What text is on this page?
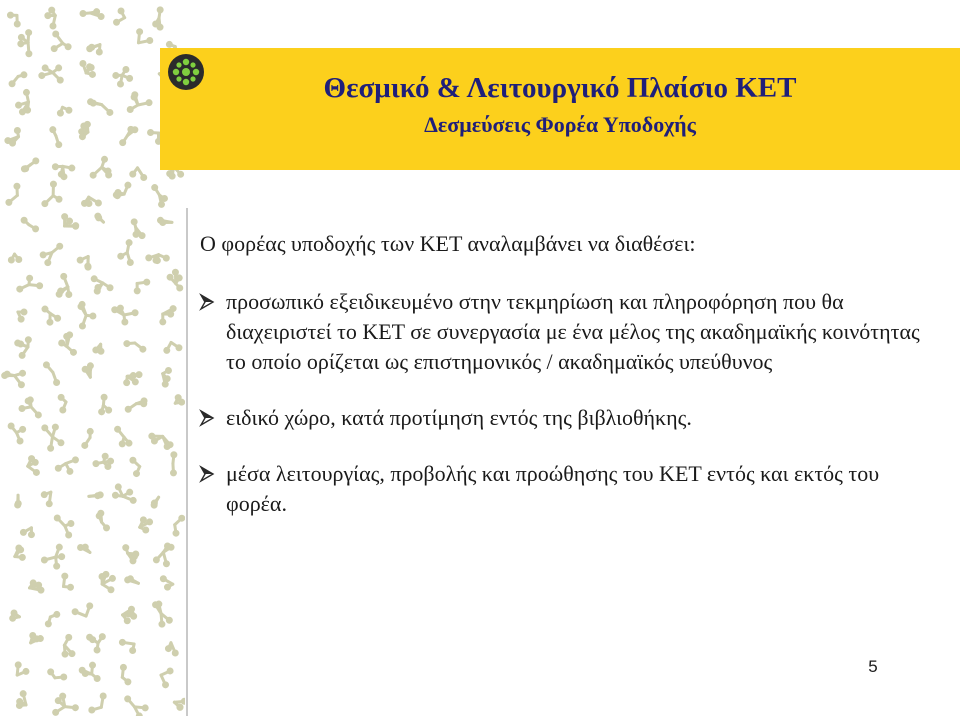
Θεσμικό & Λειτουργικό Πλαίσιο ΚΕΤ
Δεσμεύσεις Φορέα Υποδοχής

Ο φορέας υποδοχής των ΚΕΤ αναλαμβάνει να διαθέσει:

προσωπικό εξειδικευμένο στην τεκμηρίωση και πληροφόρηση που θα διαχειριστεί το ΚΕΤ σε συνεργασία με ένα μέλος της ακαδημαϊκής κοινότητας το οποίο ορίζεται ως επιστημονικός / ακαδημαϊκός υπεύθυνος
ειδικό χώρο, κατά προτίμηση εντός της βιβλιοθήκης.
μέσα λειτουργίας, προβολής και προώθησης του ΚΕΤ εντός και εκτός του φορέα.
5
